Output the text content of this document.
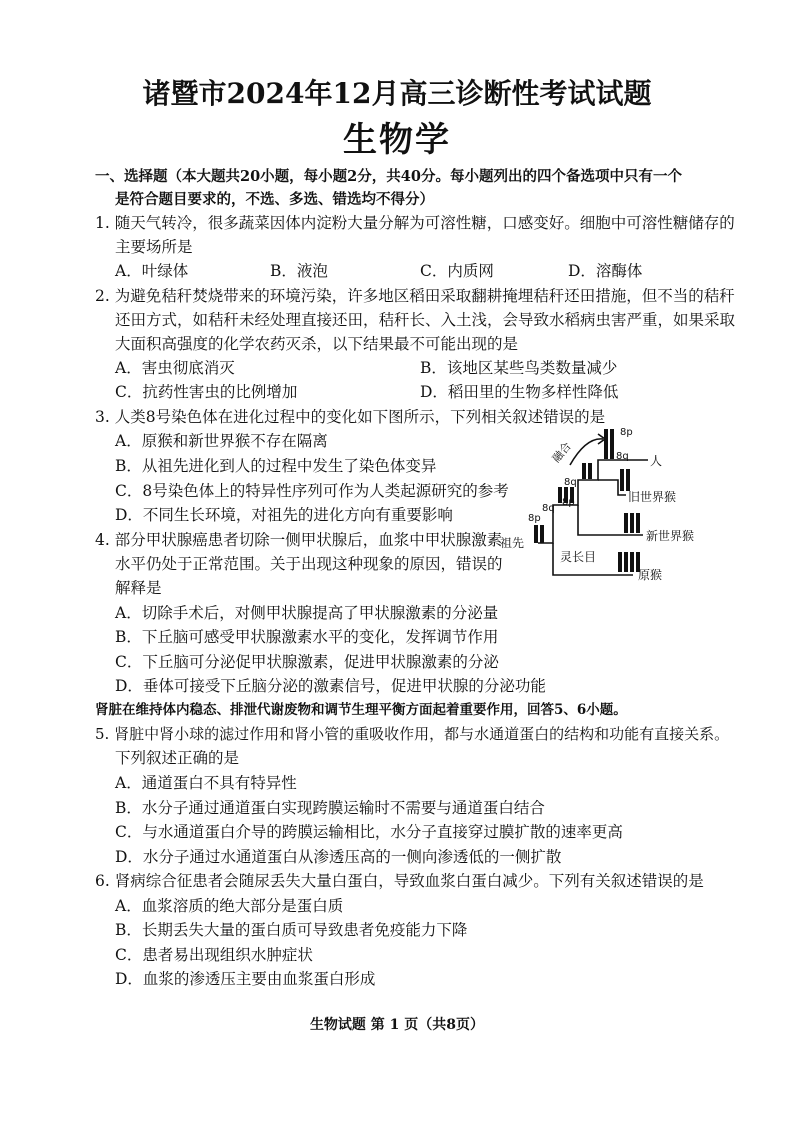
诸暨市2024年12月高三诊断性考试试题
生物学
一、选择题（本大题共20小题，每小题2分，共40分。每小题列出的四个备选项中只有一个
是符合题目要求的，不选、多选、错选均不得分）
1. 随天气转冷，很多蔬菜因体内淀粉大量分解为可溶性糖，口感变好。细胞中可溶性糖储存的
主要场所是
A．叶绿体	B．液泡	C．内质网	D．溶酶体
2. 为避免秸秆焚烧带来的环境污染，许多地区稻田采取翻耕掩埋秸秆还田措施，但不当的秸秆
还田方式，如秸秆未经处理直接还田，秸秆长、入土浅，会导致水稻病虫害严重，如果采取
大面积高强度的化学农药灭杀，以下结果最不可能出现的是
A．害虫彻底消灭	B．该地区某些鸟类数量减少
C．抗药性害虫的比例增加	D．稻田里的生物多样性降低
3. 人类8号染色体在进化过程中的变化如下图所示，下列相关叙述错误的是
A．原猴和新世界猴不存在隔离
B．从祖先进化到人的过程中发生了染色体变异
C．8号染色体上的特异性序列可作为人类起源研究的参考
D．不同生长环境，对祖先的进化方向有重要影响
融合
8p
8q 人
8q
8p
8q
8p
旧世界猴
新世界猴
原猴
祖先
灵长目
4. 部分甲状腺癌患者切除一侧甲状腺后，血浆中甲状腺激素
水平仍处于正常范围。关于出现这种现象的原因，错误的
解释是
A．切除手术后，对侧甲状腺提高了甲状腺激素的分泌量
B．下丘脑可感受甲状腺激素水平的变化，发挥调节作用
C．下丘脑可分泌促甲状腺激素，促进甲状腺激素的分泌
D．垂体可接受下丘脑分泌的激素信号，促进甲状腺的分泌功能
肾脏在维持体内稳态、排泄代谢废物和调节生理平衡方面起着重要作用，回答5、6小题。
5. 肾脏中肾小球的滤过作用和肾小管的重吸收作用，都与水通道蛋白的结构和功能有直接关系。
下列叙述正确的是
A．通道蛋白不具有特异性
B．水分子通过通道蛋白实现跨膜运输时不需要与通道蛋白结合
C．与水通道蛋白介导的跨膜运输相比，水分子直接穿过膜扩散的速率更高
D．水分子通过水通道蛋白从渗透压高的一侧向渗透低的一侧扩散
6. 肾病综合征患者会随尿丢失大量白蛋白，导致血浆白蛋白减少。下列有关叙述错误的是
A．血浆溶质的绝大部分是蛋白质
B．长期丢失大量的蛋白质可导致患者免疫能力下降
C．患者易出现组织水肿症状
D．血浆的渗透压主要由血浆蛋白形成
生物试题 第 1 页（共8页）
